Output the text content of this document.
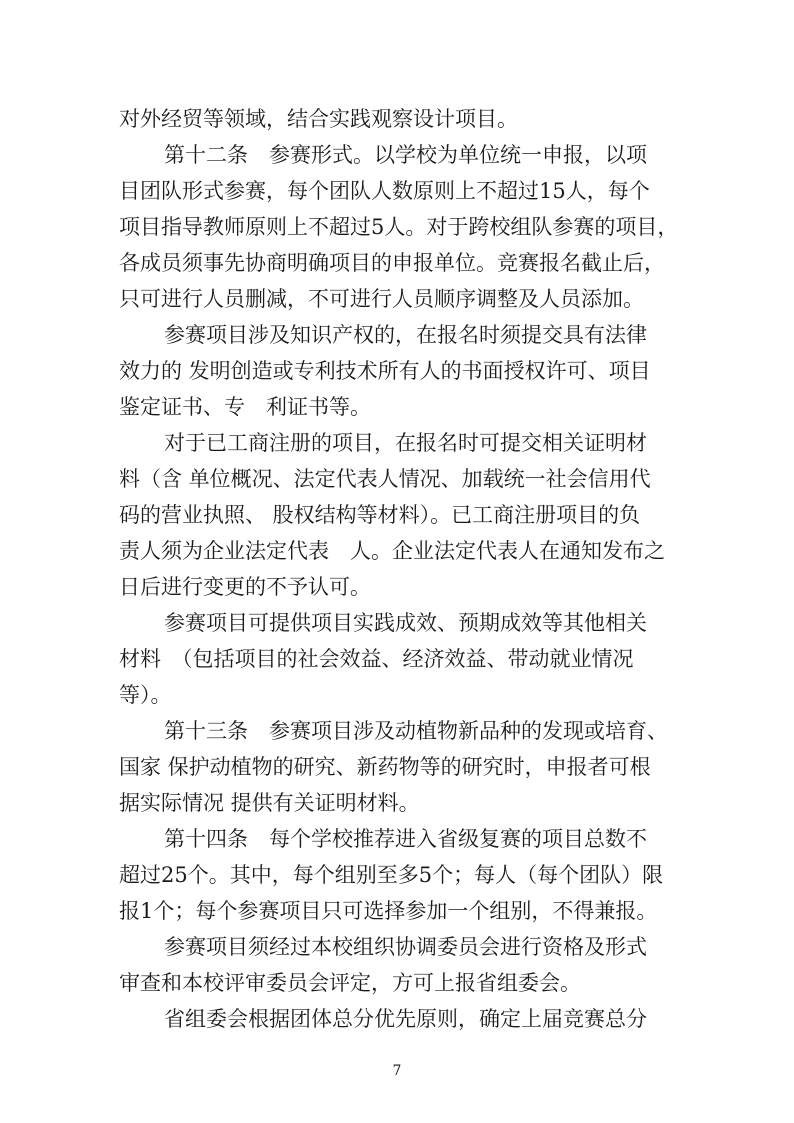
对外经贸等领域，结合实践观察设计项目。
第十二条　参赛形式。以学校为单位统一申报，以项
目团队形式参赛，每个团队人数原则上不超过15人，每个
项目指导教师原则上不超过5人。对于跨校组队参赛的项目，
各成员须事先协商明确项目的申报单位。竞赛报名截止后，
只可进行人员删减，不可进行人员顺序调整及人员添加。
参赛项目涉及知识产权的，在报名时须提交具有法律
效力的 发明创造或专利技术所有人的书面授权许可、项目
鉴定证书、专　利证书等。
对于已工商注册的项目，在报名时可提交相关证明材
料（含 单位概况、法定代表人情况、加载统一社会信用代
码的营业执照、 股权结构等材料）。已工商注册项目的负
责人须为企业法定代表　人。企业法定代表人在通知发布之
日后进行变更的不予认可。
参赛项目可提供项目实践成效、预期成效等其他相关
材料　（包括项目的社会效益、经济效益、带动就业情况
等）。
第十三条　参赛项目涉及动植物新品种的发现或培育、
国家 保护动植物的研究、新药物等的研究时，申报者可根
据实际情况 提供有关证明材料。
第十四条　每个学校推荐进入省级复赛的项目总数不
超过25个。其中，每个组别至多5个；每人（每个团队）限
报1个；每个参赛项目只可选择参加一个组别，不得兼报。
参赛项目须经过本校组织协调委员会进行资格及形式
审查和本校评审委员会评定，方可上报省组委会。
省组委会根据团体总分优先原则，确定上届竞赛总分
7
